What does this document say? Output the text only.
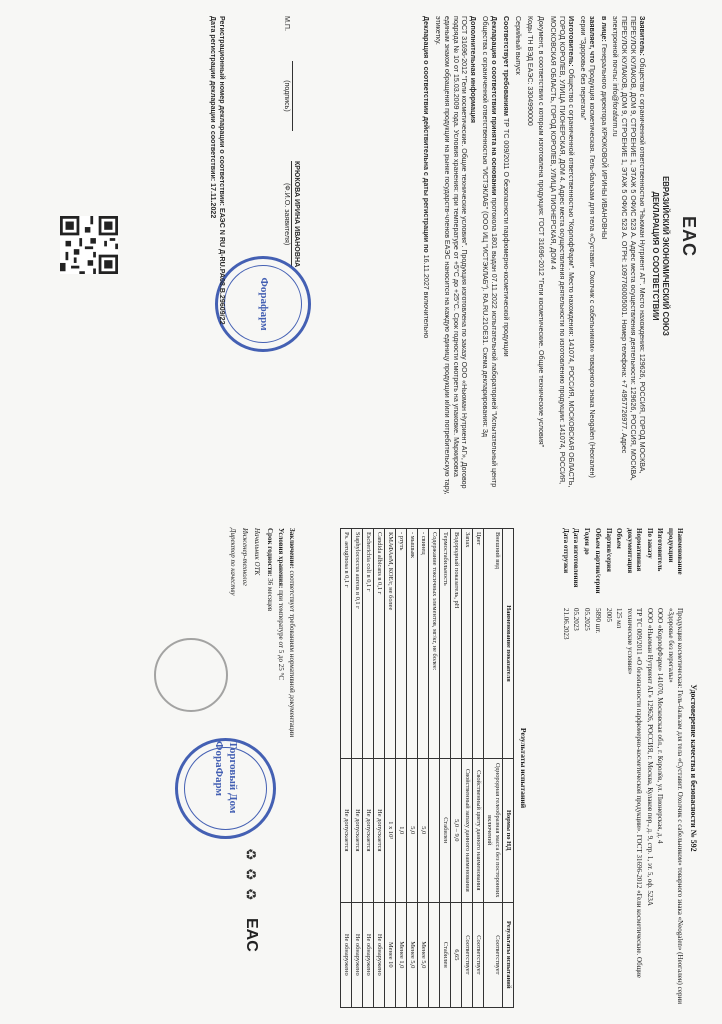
EAC
ЕВРАЗИЙСКИЙ ЭКОНОМИЧЕСКИЙ СОЮЗ
ДЕКЛАРАЦИЯ О СООТВЕТСТВИИ

Заявитель: Общество с ограниченной ответственностью "Ньюман Нутриент АГ". Место нахождения: 129626, РОССИЯ, ГОРОД МОСКВА, ПЕРЕУЛОК КУЛАКОВ, ДОМ 9, СТРОЕНИЕ 1, ЭТАЖ 5 ОФИС 523 А. Адрес места осуществления деятельности: 129626, РОССИЯ, МОСКВА, ПЕРЕУЛОК КУЛАКОВ, ДОМ 9, СТРОЕНИЕ 1, ЭТАЖ 5 ОФИС 523 А. ОГРН: 1097760005001. Номер телефона: +7 4957726977. Адрес электронной почты: info@forafarm.ru

в лице: Генерального директора КРЮКОВОЙ ИРИНЫ ИВАНОВНЫ

заявляет, что Продукция косметическая. Гель-бальзам для тела «Суставит. Охолчик с сабельником» товарного знака Neogalen (Неогален) серии "Здоровье без перегалы"

Изготовитель: Общество с ограниченной ответственностью "КорлофФарм". Место нахождения: 141074, РОССИЯ, МОСКОВСКАЯ ОБЛАСТЬ, ГОРОД КОРОЛЕВ, УЛИЦА ПИОНЕРСКАЯ, ДОМ 4. Адрес места осуществления деятельности по изготовлению продукции: 141074, РОССИЯ, МОСКОВСКАЯ ОБЛАСТЬ, ГОРОД КОРОЛЕВ, УЛИЦА ПИОНЕРСКАЯ, ДОМ 4

Документ, в соответствии с которым изготовлена продукция: ГОСТ 31696-2012 "Гели косметические. Общие технические условия"

Коды ТН ВЭД ЕАЭС: 3304990000

Серийный выпуск

Соответствует требованиям ТР ТС 009/2011 О безопасности парфюмерно-косметической продукции

Декларация о соответствии принята на основании протокола 1801 выдан 07.11.2022 испытательной лабораторией "Испытательный центр Общества с ограниченной ответственностью "ИСТЭКЛАБ" (ООО ИЦ "ИСТЭКЛАБ"). RA.RU.21OE31. Схема декларирования: 3д

Дополнительная информация
ГОСТ 31696-2012 "Гели косметические. Общие технические условия". Продукция изготовлена по заказу ООО «Ньюман Нутриент АГ», Договор подряда № 10 от 15.03.2009 года. Условия хранения: при температуре от +5°C до +25°C. Срок годности смотреть на упаковке. Маркировка единым знаком обращения продукции на рынке государств-членов ЕАЭС наносится на каждую единицу продукции и/или потребительскую тару, этикетку.

Декларация о соответствии действительна с даты регистрации по 16.11.2027 включительно

М.П.
(подпись)
КРЮКОВА ИРИНА ИВАНОВНА
(Ф.И.О. заявителя)
Форафарм
Регистрационный номер декларации о соответствии: ЕАЭС N RU Д-RU.РА08.В.29609/22
Дата регистрации декларации о соответствии: 17.11.2022
Удостоверение качества и безопасности № 592
Наименование продукции
Продукция косметическая: Гель-бальзам для тела «Суставит. Охолчик с сабельником» товарного знака «Neogalen» (Неогален) серии «Здоровье без перегалы»
Изготовитель
ООО «КорлофФарм» 141070, Московская обл., г. Королёв, ул. Пионерская, д. 4
По заказу
ООО «Ньюман Нутриент АГ» 129626, РОССИЯ, г. Москва, Кулаков пер., д. 9, стр. 1, эт. 5, оф. 523А
Нормативная документация
ТР ТС 009/2011 «О безопасности парфюмерно-косметической продукции». ГОСТ 31696-2012 «Гели косметические. Общие технические условия»
Объем
125 мл
Партия/серия
2005
Объем партии/серии
5890 шт.
Годен до
05.2025
Дата изготовления
05.2023
Дата отгрузки
21.06.2023
Результаты испытаний
Наименование показателя	Нормы по НД	Результаты испытаний
Внешний вид	Однородная гелеобразная масса без посторонних включений	Соответствует
Цвет	Свойственный цвету данного наименования	Соответствует
Запах	Свойственный запаху данного наименования	Соответствует
Водородный показатель, pH	5,0 – 9,0	6,65
Термостабильность	Стабилен	Стабилен
Содержание токсичных элементов, мг/кг, не более:		
- свинец	5,0	Менее 5,0
- мышьяк	5,0	Менее 5,0
- ртуть	1,0	Менее 1,0
КМАФАнМ, КОЕ/г, не более	1 х 10³	Менее 10
Candida albicans в 0,1 г	Не допускается	Не обнаружено
Escherichia coli в 0,1 г	Не допускается	Не обнаружено
Staphylococcus aureus в 0,1 г	Не допускается	Не обнаружено
Ps. aeruginosa в 0,1 г	Не допускается	Не обнаружено

Заключение: соответствует требованиям нормативной документации

Условия хранения: при температуре от 5 до 25 °С

Срок годности: 36 месяцев

Начальник ОТК

Инженер-технолог

Директор по качеству

Торговый Дом ФораФарм
EAC
♻
♻
♻
